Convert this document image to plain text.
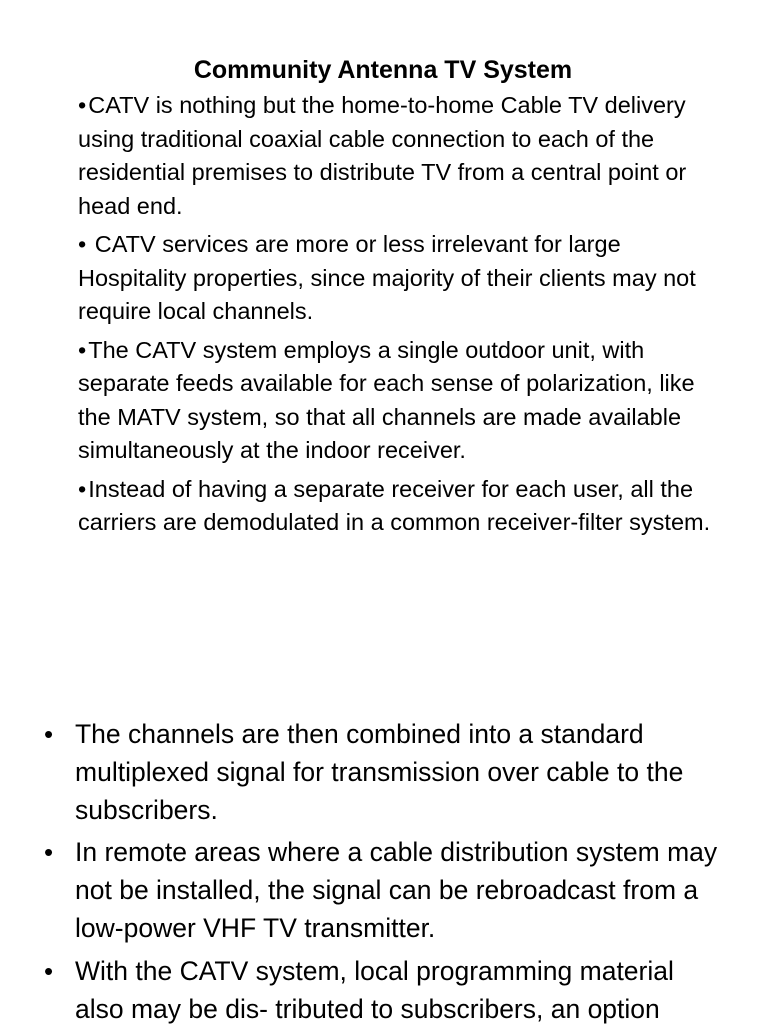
Community Antenna TV System

•CATV is nothing but the home-to-home Cable TV delivery using traditional coaxial cable connection to each of the residential premises to distribute TV from a central point or head end.

• CATV services are more or less irrelevant for large Hospitality properties, since majority of their clients may not require local channels.

•The CATV system employs a single outdoor unit, with separate feeds available for each sense of polarization, like the MATV system, so that all channels are made available simultaneously at the indoor receiver.

•Instead of having a separate receiver for each user, all the carriers are demodulated in a common receiver-filter system.

• The channels are then combined into a standard multiplexed signal for transmission over cable to the subscribers.
• In remote areas where a cable distribution system may not be installed, the signal can be rebroadcast from a low-power VHF TV transmitter.
• With the CATV system, local programming material also may be dis- tributed to subscribers, an option
